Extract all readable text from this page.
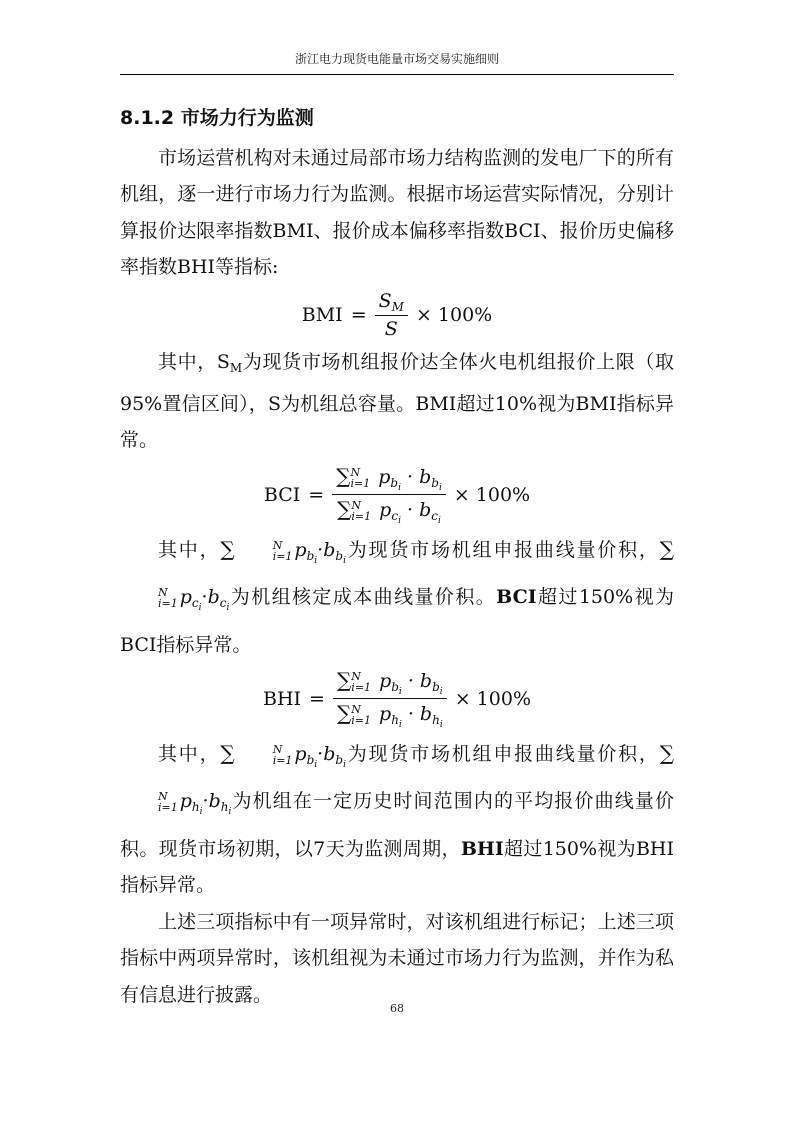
浙江电力现货电能量市场交易实施细则
8.1.2 市场力行为监测

市场运营机构对未通过局部市场力结构监测的发电厂下的所有机组，逐一进行市场力行为监测。根据市场运营实际情况，分别计算报价达限率指数BMI、报价成本偏移率指数BCI、报价历史偏移率指数BHI等指标:

BMI = $\frac{S_M}{S} \times 100\%$

其中，$S_M$为现货市场机组报价达全体火电机组报价上限（取95%置信区间），S为机组总容量。BMI超过10%视为BMI指标异常。

BCI = ∑ N
i=1 $p_{b_i} \cdot b_{b_i}$
∑ N
i=1 $p_{c_i} \cdot b_{c_i} \times 100\%$

其中，∑	N
i=1 $p_{b_i}\cdot b_{b_i}$为现货市场机组申报曲线量价积，∑
N
i=1 $p_{c_i}\cdot b_{c_i}$为机组核定成本曲线量价积。BCI超过150%视为BCI指标异常。

BHI = ∑ N
i=1 $p_{b_i} \cdot b_{b_i}$
∑ N
i=1 $p_{h_i} \cdot b_{h_i} \times 100\%$

其中，∑	N
i=1 $p_{b_i}\cdot b_{b_i}$为现货市场机组申报曲线量价积，∑
N
i=1 $p_{h_i}\cdot b_{h_i}$为机组在一定历史时间范围内的平均报价曲线量价积。现货市场初期，以7天为监测周期，BHI超过150%视为BHI指标异常。

上述三项指标中有一项异常时，对该机组进行标记；上述三项指标中两项异常时，该机组视为未通过市场力行为监测，并作为私有信息进行披露。

68
